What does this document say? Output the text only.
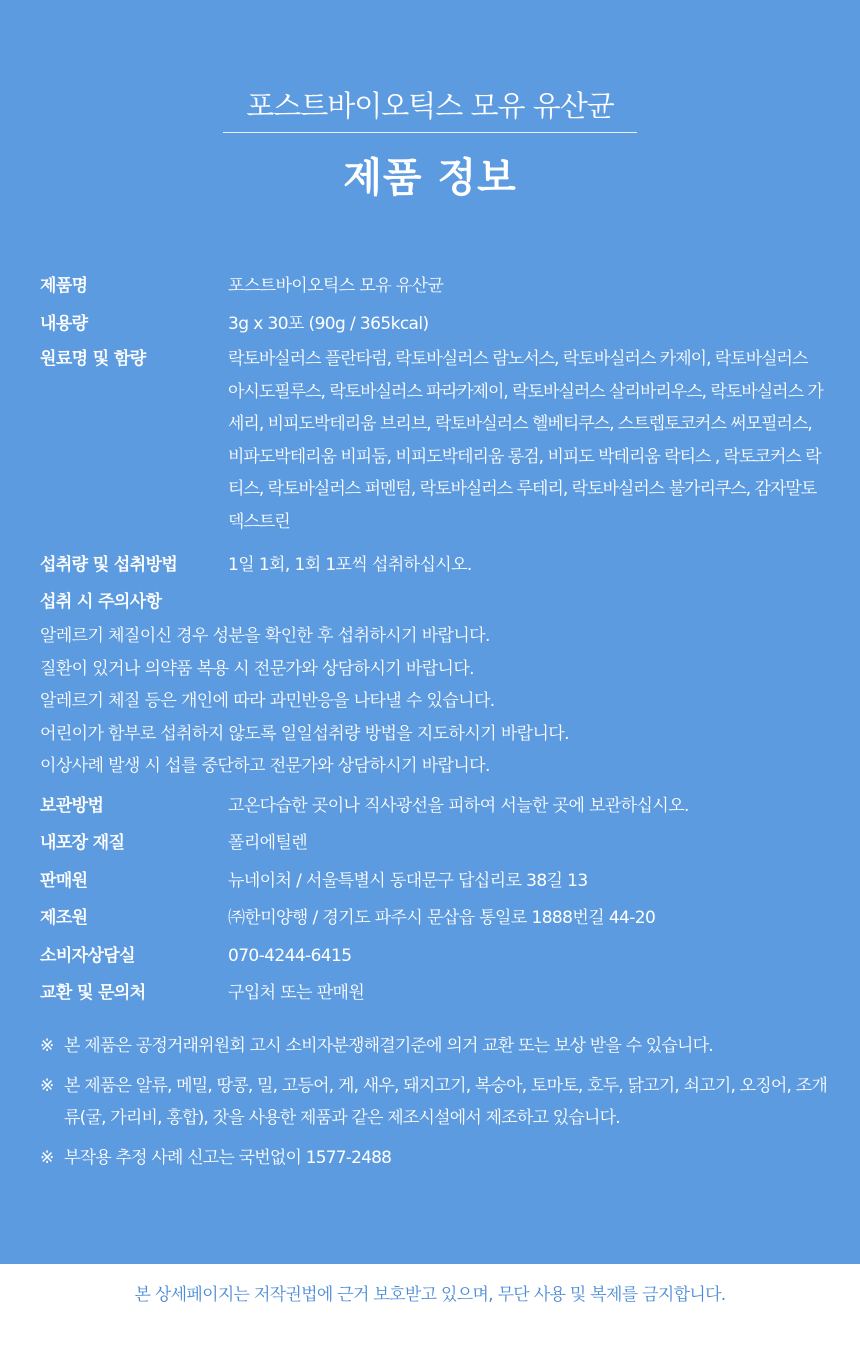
포스트바이오틱스 모유 유산균
제품 정보
제품명	포스트바이오틱스 모유 유산균
내용량	3g x 30포 (90g / 365kcal)
원료명 및 함량	락토바실러스 플란타럼, 락토바실러스 람노서스, 락토바실러스 카제이, 락토바실러스 아시도필루스, 락토바실러스 파라카제이, 락토바실러스 살리바리우스, 락토바실러스 가세리, 비피도박테리움 브리브, 락토바실러스 헬베티쿠스, 스트렙토코커스 써모필러스, 비파도박테리움 비피둠, 비피도박테리움 롱검, 비피도 박테리움 락티스 , 락토코커스 락티스, 락토바실러스 퍼멘텀, 락토바실러스 루테리, 락토바실러스 불가리쿠스, 감자말토덱스트린
섭취량 및 섭취방법	1일 1회, 1회 1포씩 섭취하십시오.
섭취 시 주의사항
알레르기 체질이신 경우 성분을 확인한 후 섭취하시기 바랍니다.
질환이 있거나 의약품 복용 시 전문가와 상담하시기 바랍니다.
알레르기 체질 등은 개인에 따라 과민반응을 나타낼 수 있습니다.
어린이가 함부로 섭취하지 않도록 일일섭취량 방법을 지도하시기 바랍니다.
이상사례 발생 시 섭를 중단하고 전문가와 상담하시기 바랍니다.
보관방법	고온다습한 곳이나 직사광선을 피하여 서늘한 곳에 보관하십시오.
내포장 재질	폴리에틸렌
판매원	뉴네이처 / 서울특별시 동대문구 답십리로 38길 13
제조원	㈜한미양행 / 경기도 파주시 문삽읍 통일로 1888번길 44-20
소비자상담실	070-4244-6415
교환 및 문의처	구입처 또는 판매원
※ 본 제품은 공정거래위원회 고시 소비자분쟁해결기준에 의거 교환 또는 보상 받을 수 있습니다.
※ 본 제품은 알류, 메밀, 땅콩, 밀, 고등어, 게, 새우, 돼지고기, 복숭아, 토마토, 호두, 닭고기, 쇠고기, 오징어, 조개류(굴, 가리비, 홍합), 잣을 사용한 제품과 같은 제조시설에서 제조하고 있습니다.
※ 부작용 추정 사례 신고는 국번없이 1577-2488
본 상세페이지는 저작권법에 근거 보호받고 있으며, 무단 사용 및 복제를 금지합니다.
